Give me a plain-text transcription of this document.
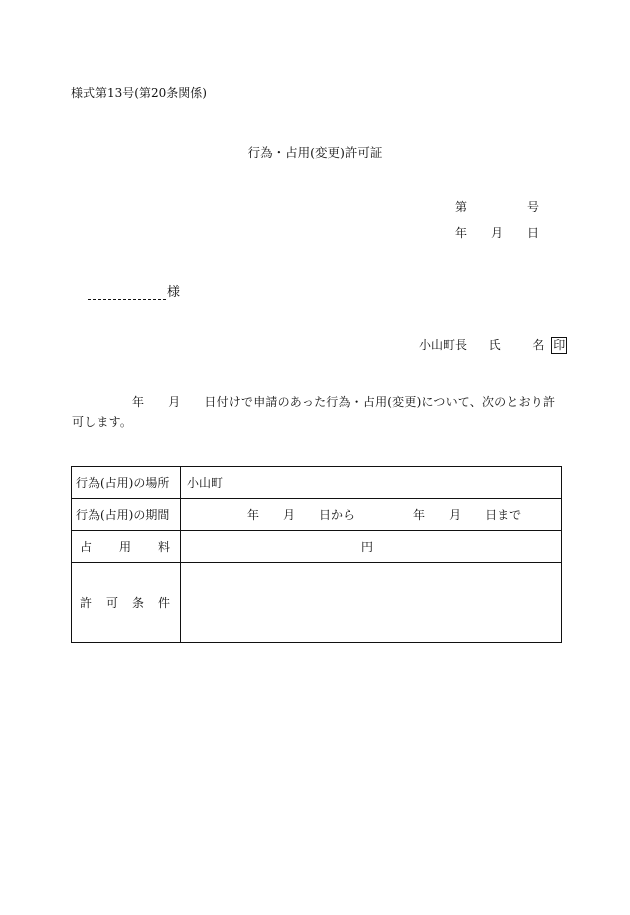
様式第13号(第20条関係)
行為・占用(変更)許可証
第	号
年 月 日
様
小山町長 氏	名 印
年 月 日付けで申請のあった行為・占用(変更)について、次のとおり許可します。
行為(占用)の場所	小山町
行為(占用)の期間	年 月 日から 年 月 日まで

占 用 料	円

許 可 条 件	
